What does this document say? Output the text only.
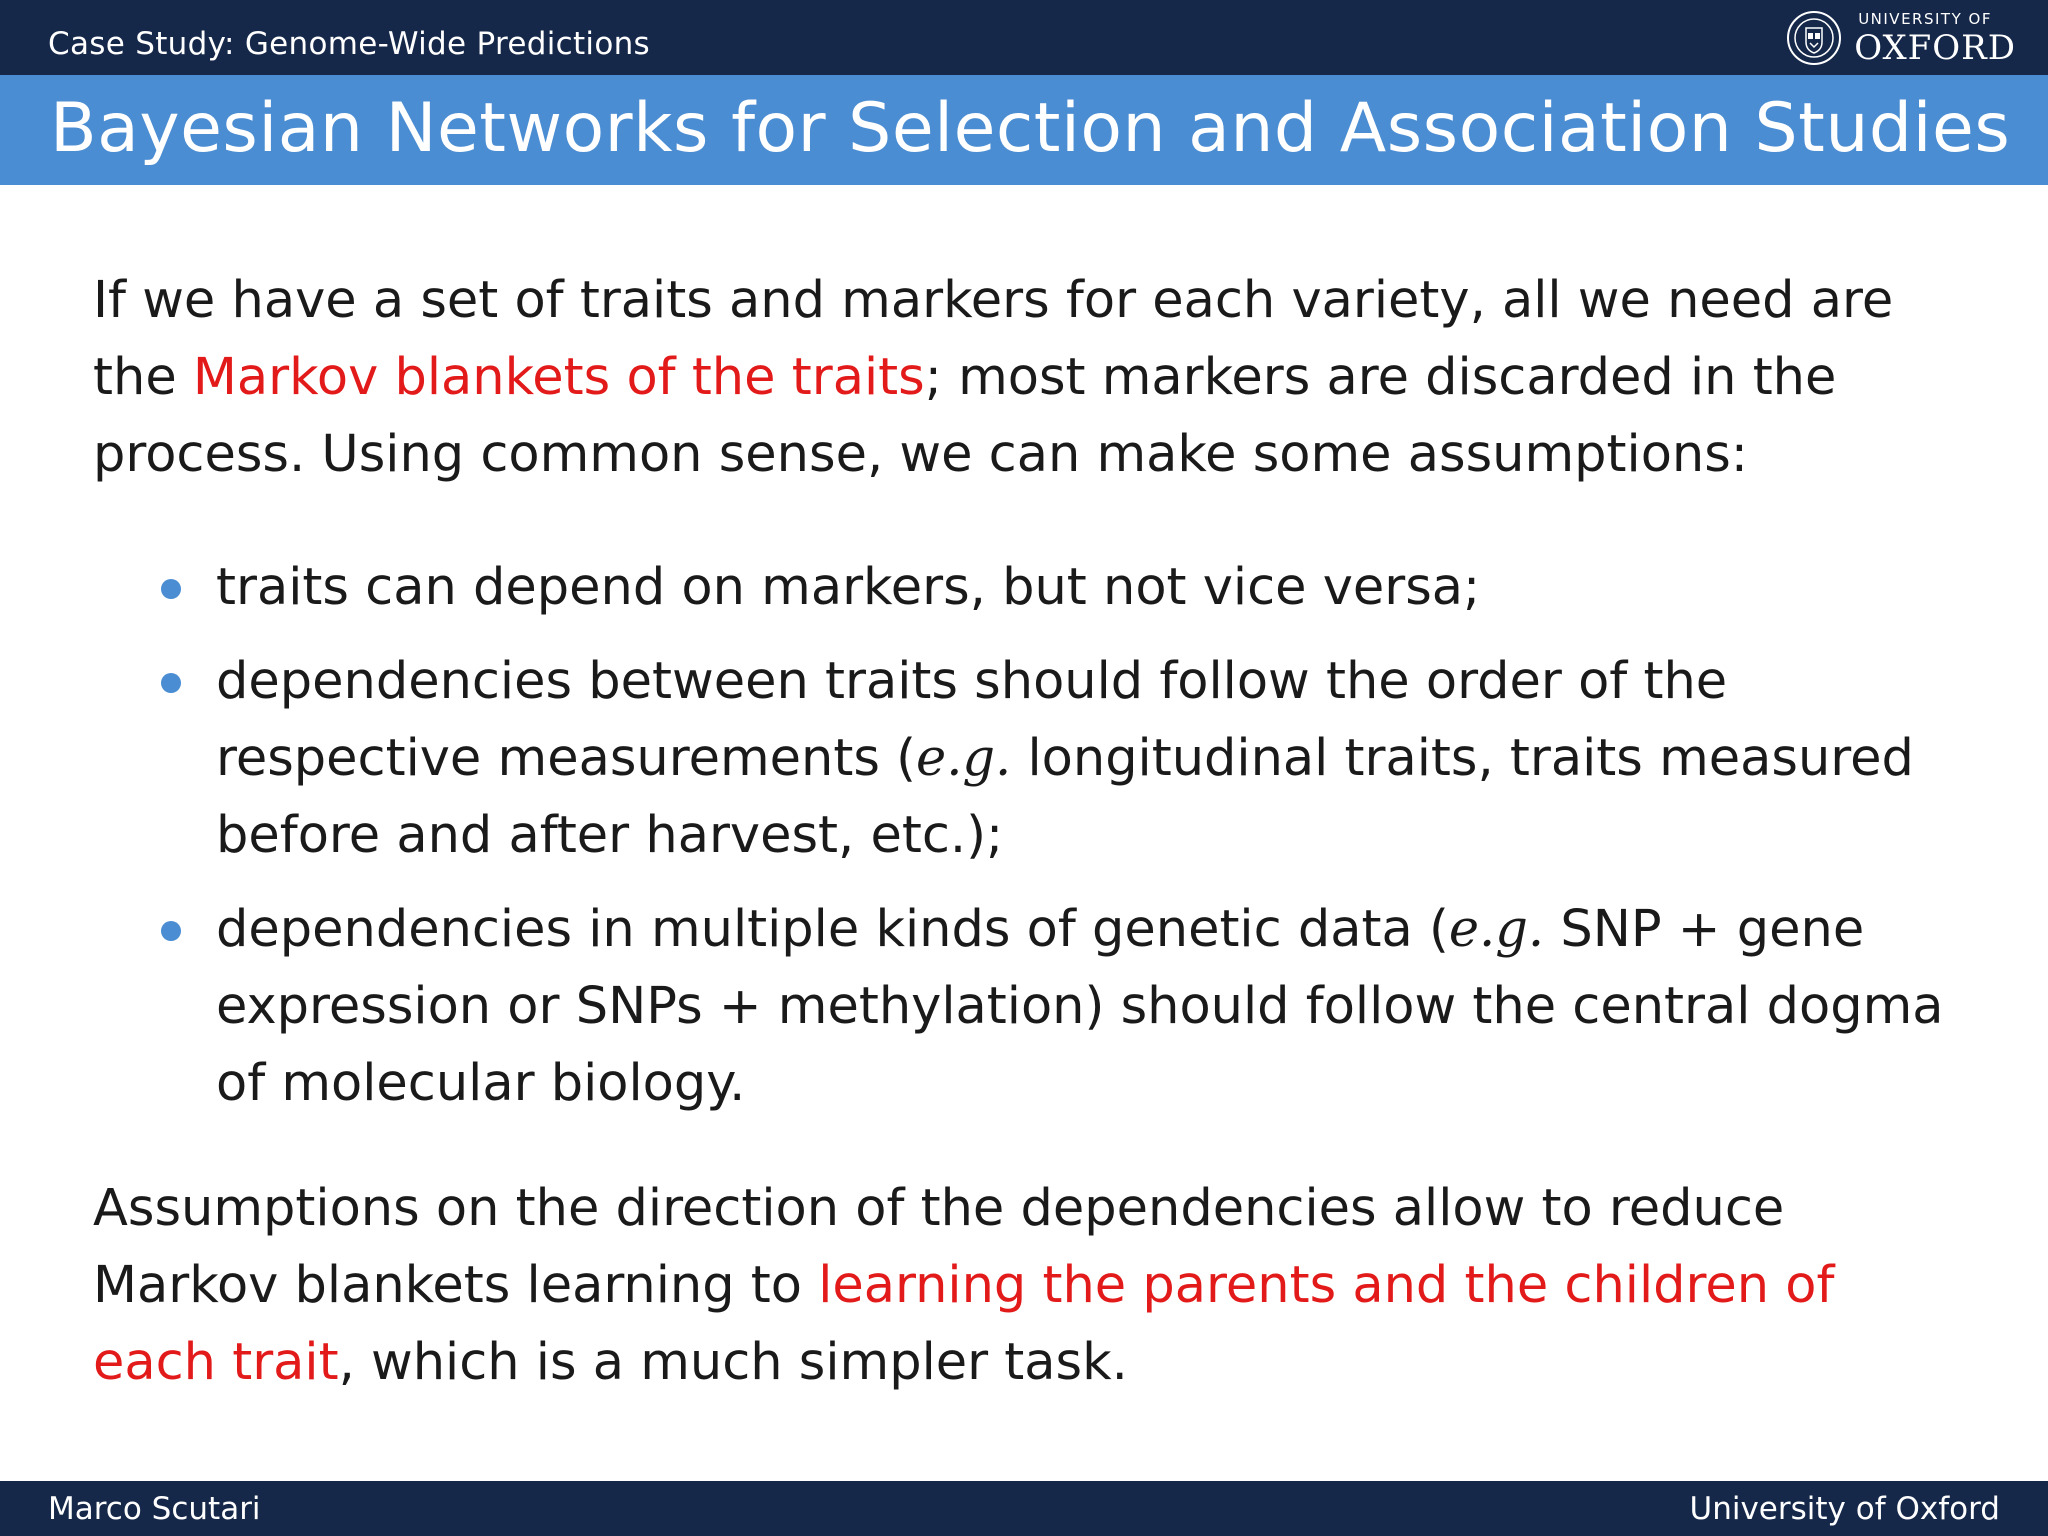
Case Study: Genome-Wide Predictions
UNIVERSITY OF
OXFORD
Bayesian Networks for Selection and Association Studies

If we have a set of traits and markers for each variety, all we need are the Markov blankets of the traits; most markers are discarded in the process. Using common sense, we can make some assumptions:

traits can depend on markers, but not vice versa;
dependencies between traits should follow the order of the respective measurements (e.g. longitudinal traits, traits measured before and after harvest, etc.);
dependencies in multiple kinds of genetic data (e.g. SNP + gene expression or SNPs + methylation) should follow the central dogma of molecular biology.

Assumptions on the direction of the dependencies allow to reduce Markov blankets learning to learning the parents and the children of each trait, which is a much simpler task.

Marco Scutari	University of Oxford
